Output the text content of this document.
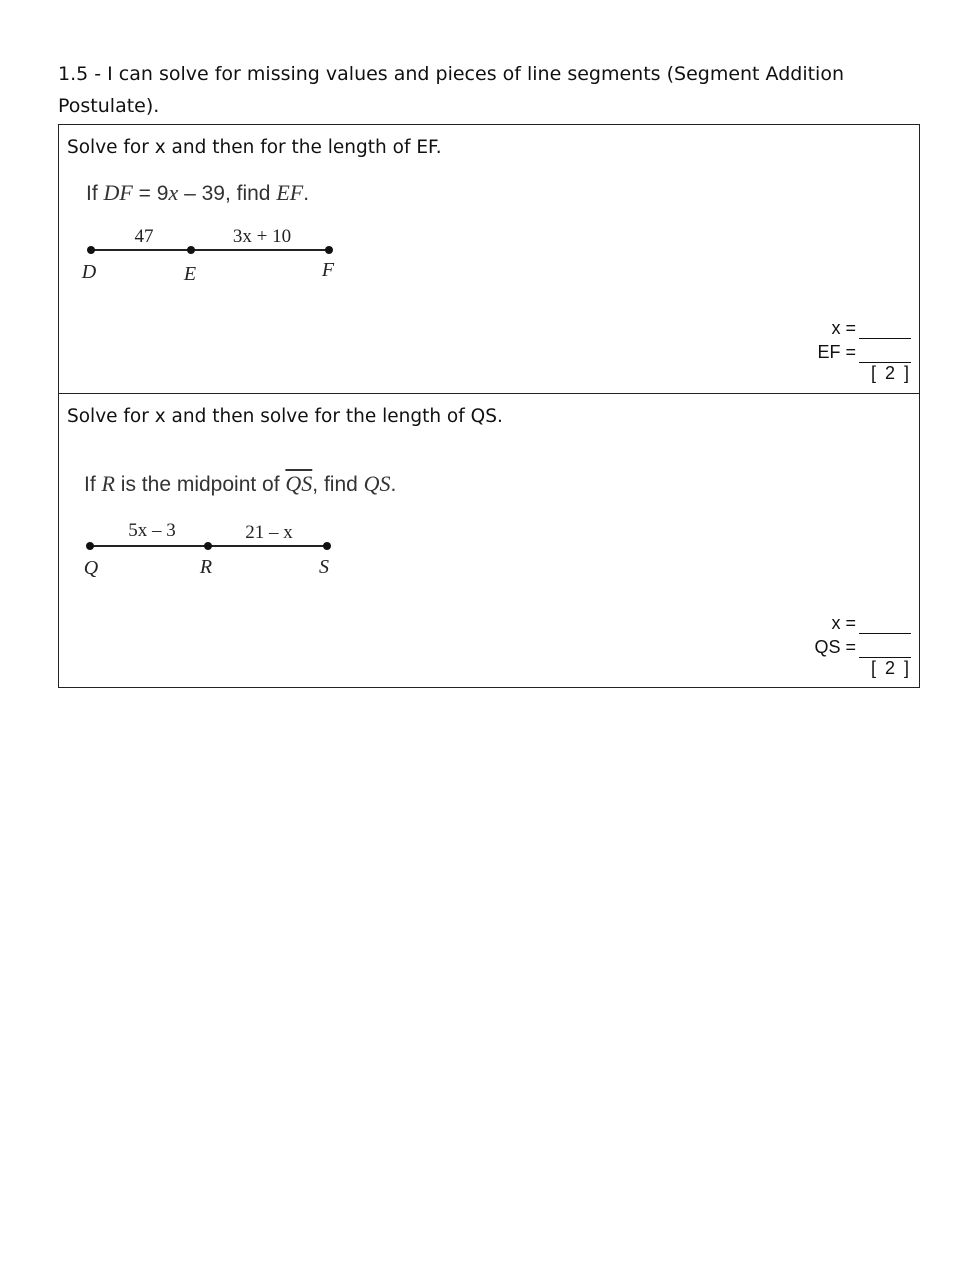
1.5 - I can solve for missing values and pieces of line segments (Segment Addition Postulate).
Solve for x and then for the length of EF.
If DF = 9x – 39, find EF.
47	3x + 10
D	E	F
x =
EF =
[ 2 ]
Solve for x and then solve for the length of QS.
If R is the midpoint of $\overline{QS}$, find QS.
5x – 3	21 – x
Q	R	S
x =
QS =
[ 2 ]
